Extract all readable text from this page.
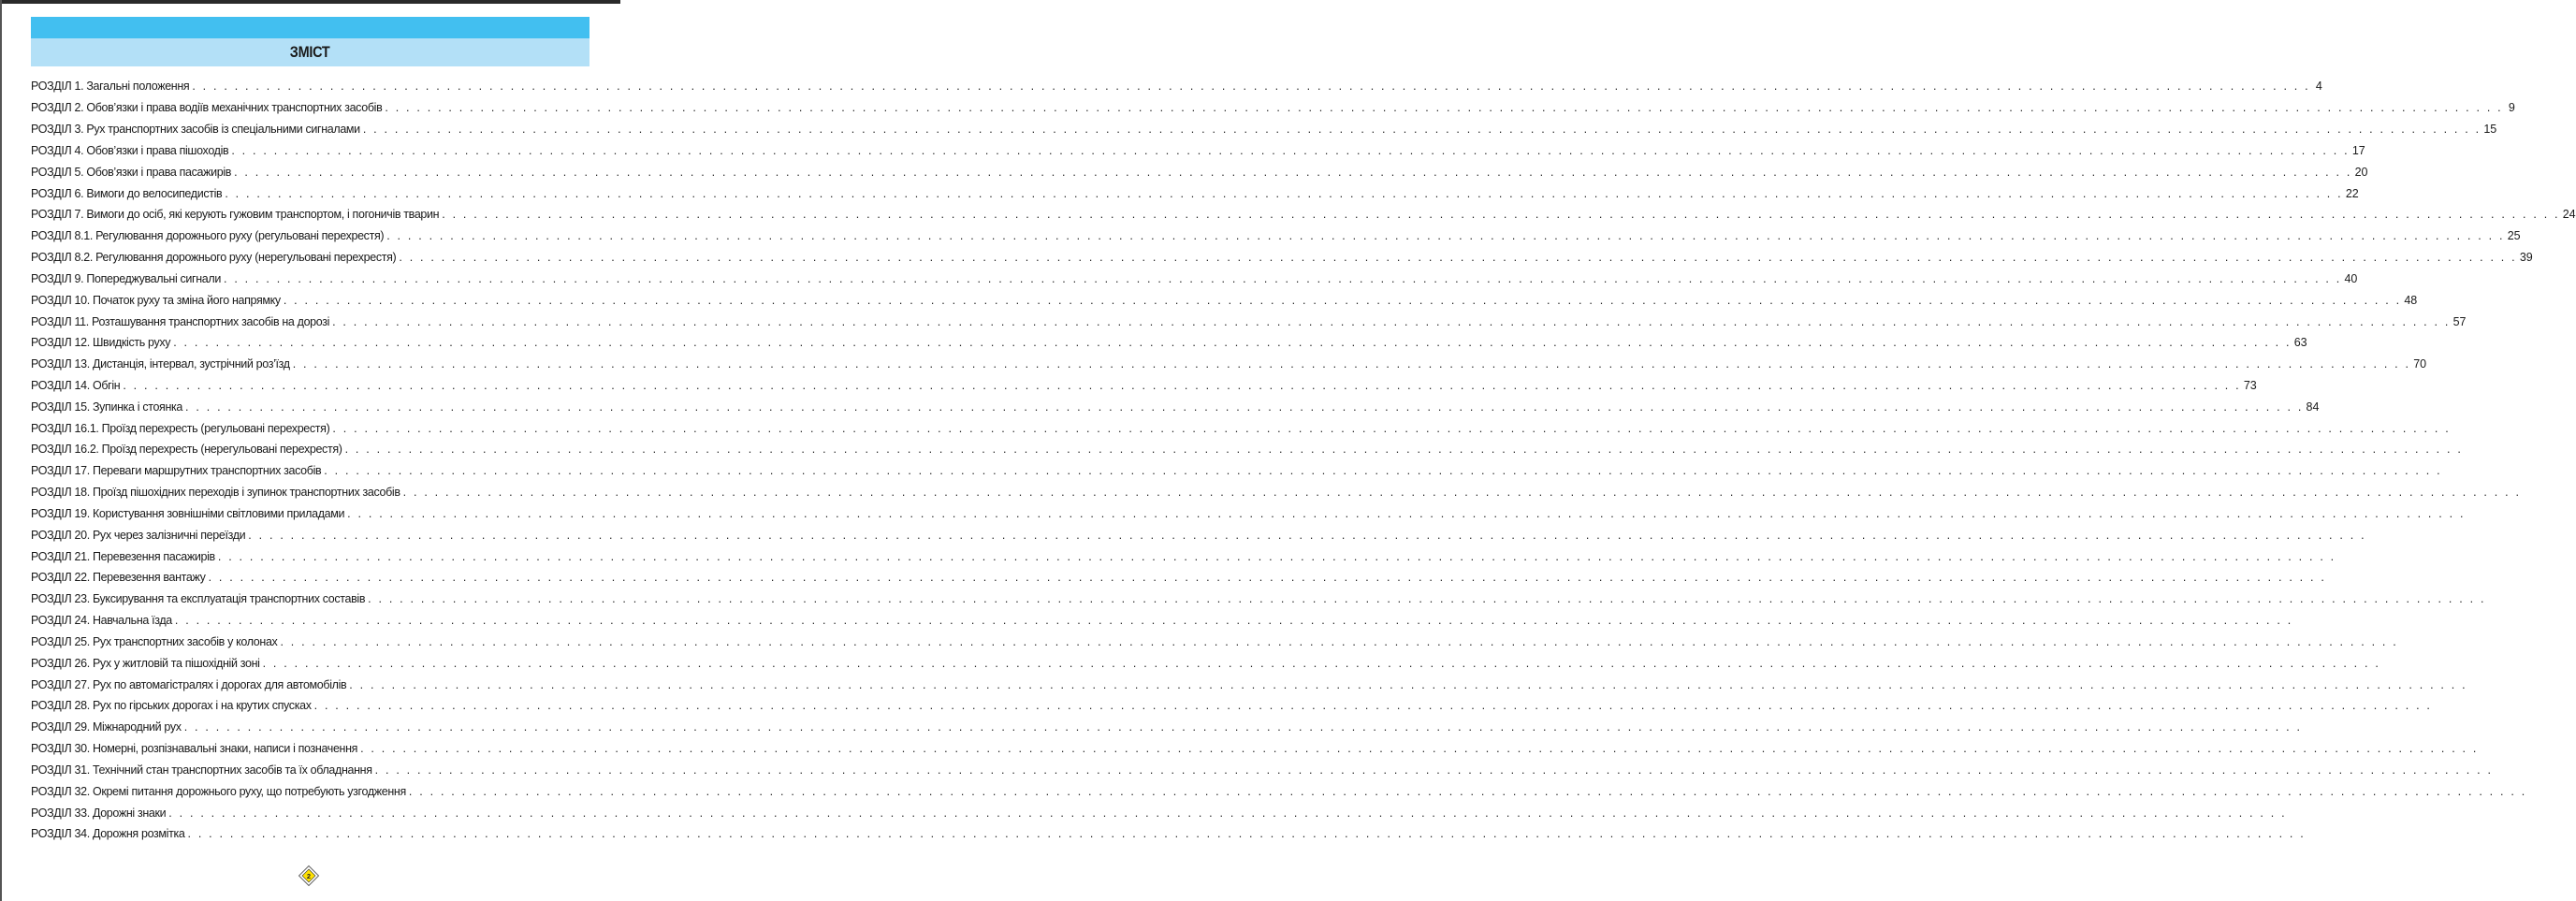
ЗМІСТ
РОЗДІЛ 1. Загальні положення . . . . . . . . . . . . . . . . . . . . . . . . . . . . . . . . . . . . . . . . . . . . . . . . . . . . . . . . . . . . . . . . . . . . . . . . . . . . . . . . . . . . . . . . . . . . . . . . . . . . . . . . . . . . . . . . . . . . . . . . . . . . . . . . . . . . . . . . . . . . . . . . . . . . . . . . . . . . . . . . . . . . . . . . . . . . . . . . . . . . . . . . . . . . . . . . . . . . . . . . 4
РОЗДІЛ 2. Обов’язки і права водіїв механічних транспортних засобів . . . . . . . . . . . . . . . . . . . . . . . . . . . . . . . . . . . . . . . . . . . . . . . . . . . . . . . . . . . . . . . . . . . . . . . . . . . . . . . . . . . . . . . . . . . . . . . . . . . . . . . . . . . . . . . . . . . . . . . . . . . . . . . . . . . . . . . . . . . . . . . . . . . . . . . . . . . . . . . . . . . . . . . . . . . . . . . . . . . . . . . . . . . . . . . . . . . . . . . . 9
РОЗДІЛ 3. Рух транспортних засобів із спеціальними сигналами . . . . . . . . . . . . . . . . . . . . . . . . . . . . . . . . . . . . . . . . . . . . . . . . . . . . . . . . . . . . . . . . . . . . . . . . . . . . . . . . . . . . . . . . . . . . . . . . . . . . . . . . . . . . . . . . . . . . . . . . . . . . . . . . . . . . . . . . . . . . . . . . . . . . . . . . . . . . . . . . . . . . . . . . . . . . . . . . . . . . . . . . . . . . . . . . . . . . . . . . 15
РОЗДІЛ 4. Обов’язки і права пішоходів . . . . . . . . . . . . . . . . . . . . . . . . . . . . . . . . . . . . . . . . . . . . . . . . . . . . . . . . . . . . . . . . . . . . . . . . . . . . . . . . . . . . . . . . . . . . . . . . . . . . . . . . . . . . . . . . . . . . . . . . . . . . . . . . . . . . . . . . . . . . . . . . . . . . . . . . . . . . . . . . . . . . . . . . . . . . . . . . . . . . . . . . . . . . . . . . . . . . . . . . 17
РОЗДІЛ 5. Обов’язки і права пасажирів . . . . . . . . . . . . . . . . . . . . . . . . . . . . . . . . . . . . . . . . . . . . . . . . . . . . . . . . . . . . . . . . . . . . . . . . . . . . . . . . . . . . . . . . . . . . . . . . . . . . . . . . . . . . . . . . . . . . . . . . . . . . . . . . . . . . . . . . . . . . . . . . . . . . . . . . . . . . . . . . . . . . . . . . . . . . . . . . . . . . . . . . . . . . . . . . . . . . . . . . 20
РОЗДІЛ 6. Вимоги до велосипедистів . . . . . . . . . . . . . . . . . . . . . . . . . . . . . . . . . . . . . . . . . . . . . . . . . . . . . . . . . . . . . . . . . . . . . . . . . . . . . . . . . . . . . . . . . . . . . . . . . . . . . . . . . . . . . . . . . . . . . . . . . . . . . . . . . . . . . . . . . . . . . . . . . . . . . . . . . . . . . . . . . . . . . . . . . . . . . . . . . . . . . . . . . . . . . . . . . . . . . . . . 22
РОЗДІЛ 7. Вимоги до осіб, які керують гужовим транспортом, і погоничів тварин . . . . . . . . . . . . . . . . . . . . . . . . . . . . . . . . . . . . . . . . . . . . . . . . . . . . . . . . . . . . . . . . . . . . . . . . . . . . . . . . . . . . . . . . . . . . . . . . . . . . . . . . . . . . . . . . . . . . . . . . . . . . . . . . . . . . . . . . . . . . . . . . . . . . . . . . . . . . . . . . . . . . . . . . . . . . . . . . . . . . . . . . . . . . . . . . . . . . . . . . 24
РОЗДІЛ 8.1. Регулювання дорожнього руху (регульовані перехрестя) . . . . . . . . . . . . . . . . . . . . . . . . . . . . . . . . . . . . . . . . . . . . . . . . . . . . . . . . . . . . . . . . . . . . . . . . . . . . . . . . . . . . . . . . . . . . . . . . . . . . . . . . . . . . . . . . . . . . . . . . . . . . . . . . . . . . . . . . . . . . . . . . . . . . . . . . . . . . . . . . . . . . . . . . . . . . . . . . . . . . . . . . . . . . . . . . . . . . . . . . 25
РОЗДІЛ 8.2. Регулювання дорожнього руху (нерегульовані перехрестя) . . . . . . . . . . . . . . . . . . . . . . . . . . . . . . . . . . . . . . . . . . . . . . . . . . . . . . . . . . . . . . . . . . . . . . . . . . . . . . . . . . . . . . . . . . . . . . . . . . . . . . . . . . . . . . . . . . . . . . . . . . . . . . . . . . . . . . . . . . . . . . . . . . . . . . . . . . . . . . . . . . . . . . . . . . . . . . . . . . . . . . . . . . . . . . . . . . . . . . . . 39
РОЗДІЛ 9. Попереджувальні сигнали . . . . . . . . . . . . . . . . . . . . . . . . . . . . . . . . . . . . . . . . . . . . . . . . . . . . . . . . . . . . . . . . . . . . . . . . . . . . . . . . . . . . . . . . . . . . . . . . . . . . . . . . . . . . . . . . . . . . . . . . . . . . . . . . . . . . . . . . . . . . . . . . . . . . . . . . . . . . . . . . . . . . . . . . . . . . . . . . . . . . . . . . . . . . . . . . . . . . . . . . 40
РОЗДІЛ 10. Початок руху та зміна його напрямку . . . . . . . . . . . . . . . . . . . . . . . . . . . . . . . . . . . . . . . . . . . . . . . . . . . . . . . . . . . . . . . . . . . . . . . . . . . . . . . . . . . . . . . . . . . . . . . . . . . . . . . . . . . . . . . . . . . . . . . . . . . . . . . . . . . . . . . . . . . . . . . . . . . . . . . . . . . . . . . . . . . . . . . . . . . . . . . . . . . . . . . . . . . . . . . . . . . . . . . . 48
РОЗДІЛ 11. Розташування транспортних засобів на дорозі . . . . . . . . . . . . . . . . . . . . . . . . . . . . . . . . . . . . . . . . . . . . . . . . . . . . . . . . . . . . . . . . . . . . . . . . . . . . . . . . . . . . . . . . . . . . . . . . . . . . . . . . . . . . . . . . . . . . . . . . . . . . . . . . . . . . . . . . . . . . . . . . . . . . . . . . . . . . . . . . . . . . . . . . . . . . . . . . . . . . . . . . . . . . . . . . . . . . . . . . 57
РОЗДІЛ 12. Швидкість руху . . . . . . . . . . . . . . . . . . . . . . . . . . . . . . . . . . . . . . . . . . . . . . . . . . . . . . . . . . . . . . . . . . . . . . . . . . . . . . . . . . . . . . . . . . . . . . . . . . . . . . . . . . . . . . . . . . . . . . . . . . . . . . . . . . . . . . . . . . . . . . . . . . . . . . . . . . . . . . . . . . . . . . . . . . . . . . . . . . . . . . . . . . . . . . . . . . . . . . . . 63
РОЗДІЛ 13. Дистанція, інтервал, зустрічний роз’їзд . . . . . . . . . . . . . . . . . . . . . . . . . . . . . . . . . . . . . . . . . . . . . . . . . . . . . . . . . . . . . . . . . . . . . . . . . . . . . . . . . . . . . . . . . . . . . . . . . . . . . . . . . . . . . . . . . . . . . . . . . . . . . . . . . . . . . . . . . . . . . . . . . . . . . . . . . . . . . . . . . . . . . . . . . . . . . . . . . . . . . . . . . . . . . . . . . . . . . . . . 70
РОЗДІЛ 14. Обгін . . . . . . . . . . . . . . . . . . . . . . . . . . . . . . . . . . . . . . . . . . . . . . . . . . . . . . . . . . . . . . . . . . . . . . . . . . . . . . . . . . . . . . . . . . . . . . . . . . . . . . . . . . . . . . . . . . . . . . . . . . . . . . . . . . . . . . . . . . . . . . . . . . . . . . . . . . . . . . . . . . . . . . . . . . . . . . . . . . . . . . . . . . . . . . . . . . . . . . . . 73
РОЗДІЛ 15. Зупинка і стоянка . . . . . . . . . . . . . . . . . . . . . . . . . . . . . . . . . . . . . . . . . . . . . . . . . . . . . . . . . . . . . . . . . . . . . . . . . . . . . . . . . . . . . . . . . . . . . . . . . . . . . . . . . . . . . . . . . . . . . . . . . . . . . . . . . . . . . . . . . . . . . . . . . . . . . . . . . . . . . . . . . . . . . . . . . . . . . . . . . . . . . . . . . . . . . . . . . . . . . . . . 84
РОЗДІЛ 16.1. Проїзд перехресть (регульовані перехрестя) . . . . . . . . . . . . . . . . . . . . . . . . . . . . . . . . . . . . . . . . . . . . . . . . . . . . . . . . . . . . . . . . . . . . . . . . . . . . . . . . . . . . . . . . . . . . . . . . . . . . . . . . . . . . . . . . . . . . . . . . . . . . . . . . . . . . . . . . . . . . . . . . . . . . . . . . . . . . . . . . . . . . . . . . . . . . . . . . . . . . . . . . . . . . . . . . . . . . . . . .
РОЗДІЛ 16.2. Проїзд перехресть (нерегульовані перехрестя) . . . . . . . . . . . . . . . . . . . . . . . . . . . . . . . . . . . . . . . . . . . . . . . . . . . . . . . . . . . . . . . . . . . . . . . . . . . . . . . . . . . . . . . . . . . . . . . . . . . . . . . . . . . . . . . . . . . . . . . . . . . . . . . . . . . . . . . . . . . . . . . . . . . . . . . . . . . . . . . . . . . . . . . . . . . . . . . . . . . . . . . . . . . . . . . . . . . . . . . .
РОЗДІЛ 17. Переваги маршрутних транспортних засобів . . . . . . . . . . . . . . . . . . . . . . . . . . . . . . . . . . . . . . . . . . . . . . . . . . . . . . . . . . . . . . . . . . . . . . . . . . . . . . . . . . . . . . . . . . . . . . . . . . . . . . . . . . . . . . . . . . . . . . . . . . . . . . . . . . . . . . . . . . . . . . . . . . . . . . . . . . . . . . . . . . . . . . . . . . . . . . . . . . . . . . . . . . . . . . . . . . . . . . . .
РОЗДІЛ 18. Проїзд пішохідних переходів і зупинок транспортних засобів . . . . . . . . . . . . . . . . . . . . . . . . . . . . . . . . . . . . . . . . . . . . . . . . . . . . . . . . . . . . . . . . . . . . . . . . . . . . . . . . . . . . . . . . . . . . . . . . . . . . . . . . . . . . . . . . . . . . . . . . . . . . . . . . . . . . . . . . . . . . . . . . . . . . . . . . . . . . . . . . . . . . . . . . . . . . . . . . . . . . . . . . . . . . . . . . . . . . . . . .
РОЗДІЛ 19. Користування зовнішніми світловими приладами . . . . . . . . . . . . . . . . . . . . . . . . . . . . . . . . . . . . . . . . . . . . . . . . . . . . . . . . . . . . . . . . . . . . . . . . . . . . . . . . . . . . . . . . . . . . . . . . . . . . . . . . . . . . . . . . . . . . . . . . . . . . . . . . . . . . . . . . . . . . . . . . . . . . . . . . . . . . . . . . . . . . . . . . . . . . . . . . . . . . . . . . . . . . . . . . . . . . . . . .
РОЗДІЛ 20. Рух через залізничні переїзди . . . . . . . . . . . . . . . . . . . . . . . . . . . . . . . . . . . . . . . . . . . . . . . . . . . . . . . . . . . . . . . . . . . . . . . . . . . . . . . . . . . . . . . . . . . . . . . . . . . . . . . . . . . . . . . . . . . . . . . . . . . . . . . . . . . . . . . . . . . . . . . . . . . . . . . . . . . . . . . . . . . . . . . . . . . . . . . . . . . . . . . . . . . . . . . . . . . . . . . .
РОЗДІЛ 21. Перевезення пасажирів . . . . . . . . . . . . . . . . . . . . . . . . . . . . . . . . . . . . . . . . . . . . . . . . . . . . . . . . . . . . . . . . . . . . . . . . . . . . . . . . . . . . . . . . . . . . . . . . . . . . . . . . . . . . . . . . . . . . . . . . . . . . . . . . . . . . . . . . . . . . . . . . . . . . . . . . . . . . . . . . . . . . . . . . . . . . . . . . . . . . . . . . . . . . . . . . . . . . . . . .
РОЗДІЛ 22. Перевезення вантажу . . . . . . . . . . . . . . . . . . . . . . . . . . . . . . . . . . . . . . . . . . . . . . . . . . . . . . . . . . . . . . . . . . . . . . . . . . . . . . . . . . . . . . . . . . . . . . . . . . . . . . . . . . . . . . . . . . . . . . . . . . . . . . . . . . . . . . . . . . . . . . . . . . . . . . . . . . . . . . . . . . . . . . . . . . . . . . . . . . . . . . . . . . . . . . . . . . . . . . . .
РОЗДІЛ 23. Буксирування та експлуатація транспортних составів . . . . . . . . . . . . . . . . . . . . . . . . . . . . . . . . . . . . . . . . . . . . . . . . . . . . . . . . . . . . . . . . . . . . . . . . . . . . . . . . . . . . . . . . . . . . . . . . . . . . . . . . . . . . . . . . . . . . . . . . . . . . . . . . . . . . . . . . . . . . . . . . . . . . . . . . . . . . . . . . . . . . . . . . . . . . . . . . . . . . . . . . . . . . . . . . . . . . . . . .
РОЗДІЛ 24. Навчальна їзда . . . . . . . . . . . . . . . . . . . . . . . . . . . . . . . . . . . . . . . . . . . . . . . . . . . . . . . . . . . . . . . . . . . . . . . . . . . . . . . . . . . . . . . . . . . . . . . . . . . . . . . . . . . . . . . . . . . . . . . . . . . . . . . . . . . . . . . . . . . . . . . . . . . . . . . . . . . . . . . . . . . . . . . . . . . . . . . . . . . . . . . . . . . . . . . . . . . . . . . .
РОЗДІЛ 25. Рух транспортних засобів у колонах . . . . . . . . . . . . . . . . . . . . . . . . . . . . . . . . . . . . . . . . . . . . . . . . . . . . . . . . . . . . . . . . . . . . . . . . . . . . . . . . . . . . . . . . . . . . . . . . . . . . . . . . . . . . . . . . . . . . . . . . . . . . . . . . . . . . . . . . . . . . . . . . . . . . . . . . . . . . . . . . . . . . . . . . . . . . . . . . . . . . . . . . . . . . . . . . . . . . . . . .
РОЗДІЛ 26. Рух у житловій та пішохідній зоні . . . . . . . . . . . . . . . . . . . . . . . . . . . . . . . . . . . . . . . . . . . . . . . . . . . . . . . . . . . . . . . . . . . . . . . . . . . . . . . . . . . . . . . . . . . . . . . . . . . . . . . . . . . . . . . . . . . . . . . . . . . . . . . . . . . . . . . . . . . . . . . . . . . . . . . . . . . . . . . . . . . . . . . . . . . . . . . . . . . . . . . . . . . . . . . . . . . . . . . .
РОЗДІЛ 27. Рух по автомагістралях і дорогах для автомобілів . . . . . . . . . . . . . . . . . . . . . . . . . . . . . . . . . . . . . . . . . . . . . . . . . . . . . . . . . . . . . . . . . . . . . . . . . . . . . . . . . . . . . . . . . . . . . . . . . . . . . . . . . . . . . . . . . . . . . . . . . . . . . . . . . . . . . . . . . . . . . . . . . . . . . . . . . . . . . . . . . . . . . . . . . . . . . . . . . . . . . . . . . . . . . . . . . . . . . . . .
РОЗДІЛ 28. Рух по гірських дорогах і на крутих спусках . . . . . . . . . . . . . . . . . . . . . . . . . . . . . . . . . . . . . . . . . . . . . . . . . . . . . . . . . . . . . . . . . . . . . . . . . . . . . . . . . . . . . . . . . . . . . . . . . . . . . . . . . . . . . . . . . . . . . . . . . . . . . . . . . . . . . . . . . . . . . . . . . . . . . . . . . . . . . . . . . . . . . . . . . . . . . . . . . . . . . . . . . . . . . . . . . . . . . . . .
РОЗДІЛ 29. Міжнародний рух . . . . . . . . . . . . . . . . . . . . . . . . . . . . . . . . . . . . . . . . . . . . . . . . . . . . . . . . . . . . . . . . . . . . . . . . . . . . . . . . . . . . . . . . . . . . . . . . . . . . . . . . . . . . . . . . . . . . . . . . . . . . . . . . . . . . . . . . . . . . . . . . . . . . . . . . . . . . . . . . . . . . . . . . . . . . . . . . . . . . . . . . . . . . . . . . . . . . . . . .
РОЗДІЛ 30. Номерні, розпізнавальні знаки, написи і позначення . . . . . . . . . . . . . . . . . . . . . . . . . . . . . . . . . . . . . . . . . . . . . . . . . . . . . . . . . . . . . . . . . . . . . . . . . . . . . . . . . . . . . . . . . . . . . . . . . . . . . . . . . . . . . . . . . . . . . . . . . . . . . . . . . . . . . . . . . . . . . . . . . . . . . . . . . . . . . . . . . . . . . . . . . . . . . . . . . . . . . . . . . . . . . . . . . . . . . . . .
РОЗДІЛ 31. Технічний стан транспортних засобів та їх обладнання . . . . . . . . . . . . . . . . . . . . . . . . . . . . . . . . . . . . . . . . . . . . . . . . . . . . . . . . . . . . . . . . . . . . . . . . . . . . . . . . . . . . . . . . . . . . . . . . . . . . . . . . . . . . . . . . . . . . . . . . . . . . . . . . . . . . . . . . . . . . . . . . . . . . . . . . . . . . . . . . . . . . . . . . . . . . . . . . . . . . . . . . . . . . . . . . . . . . . . . .
РОЗДІЛ 32. Окремі питання дорожнього руху, що потребують узгодження . . . . . . . . . . . . . . . . . . . . . . . . . . . . . . . . . . . . . . . . . . . . . . . . . . . . . . . . . . . . . . . . . . . . . . . . . . . . . . . . . . . . . . . . . . . . . . . . . . . . . . . . . . . . . . . . . . . . . . . . . . . . . . . . . . . . . . . . . . . . . . . . . . . . . . . . . . . . . . . . . . . . . . . . . . . . . . . . . . . . . . . . . . . . . . . . . . . . . . . .
РОЗДІЛ 33. Дорожні знаки . . . . . . . . . . . . . . . . . . . . . . . . . . . . . . . . . . . . . . . . . . . . . . . . . . . . . . . . . . . . . . . . . . . . . . . . . . . . . . . . . . . . . . . . . . . . . . . . . . . . . . . . . . . . . . . . . . . . . . . . . . . . . . . . . . . . . . . . . . . . . . . . . . . . . . . . . . . . . . . . . . . . . . . . . . . . . . . . . . . . . . . . . . . . . . . . . . . . . . . .
РОЗДІЛ 34. Дорожня розмітка . . . . . . . . . . . . . . . . . . . . . . . . . . . . . . . . . . . . . . . . . . . . . . . . . . . . . . . . . . . . . . . . . . . . . . . . . . . . . . . . . . . . . . . . . . . . . . . . . . . . . . . . . . . . . . . . . . . . . . . . . . . . . . . . . . . . . . . . . . . . . . . . . . . . . . . . . . . . . . . . . . . . . . . . . . . . . . . . . . . . . . . . . . . . . . . . . . . . . . . .
2
